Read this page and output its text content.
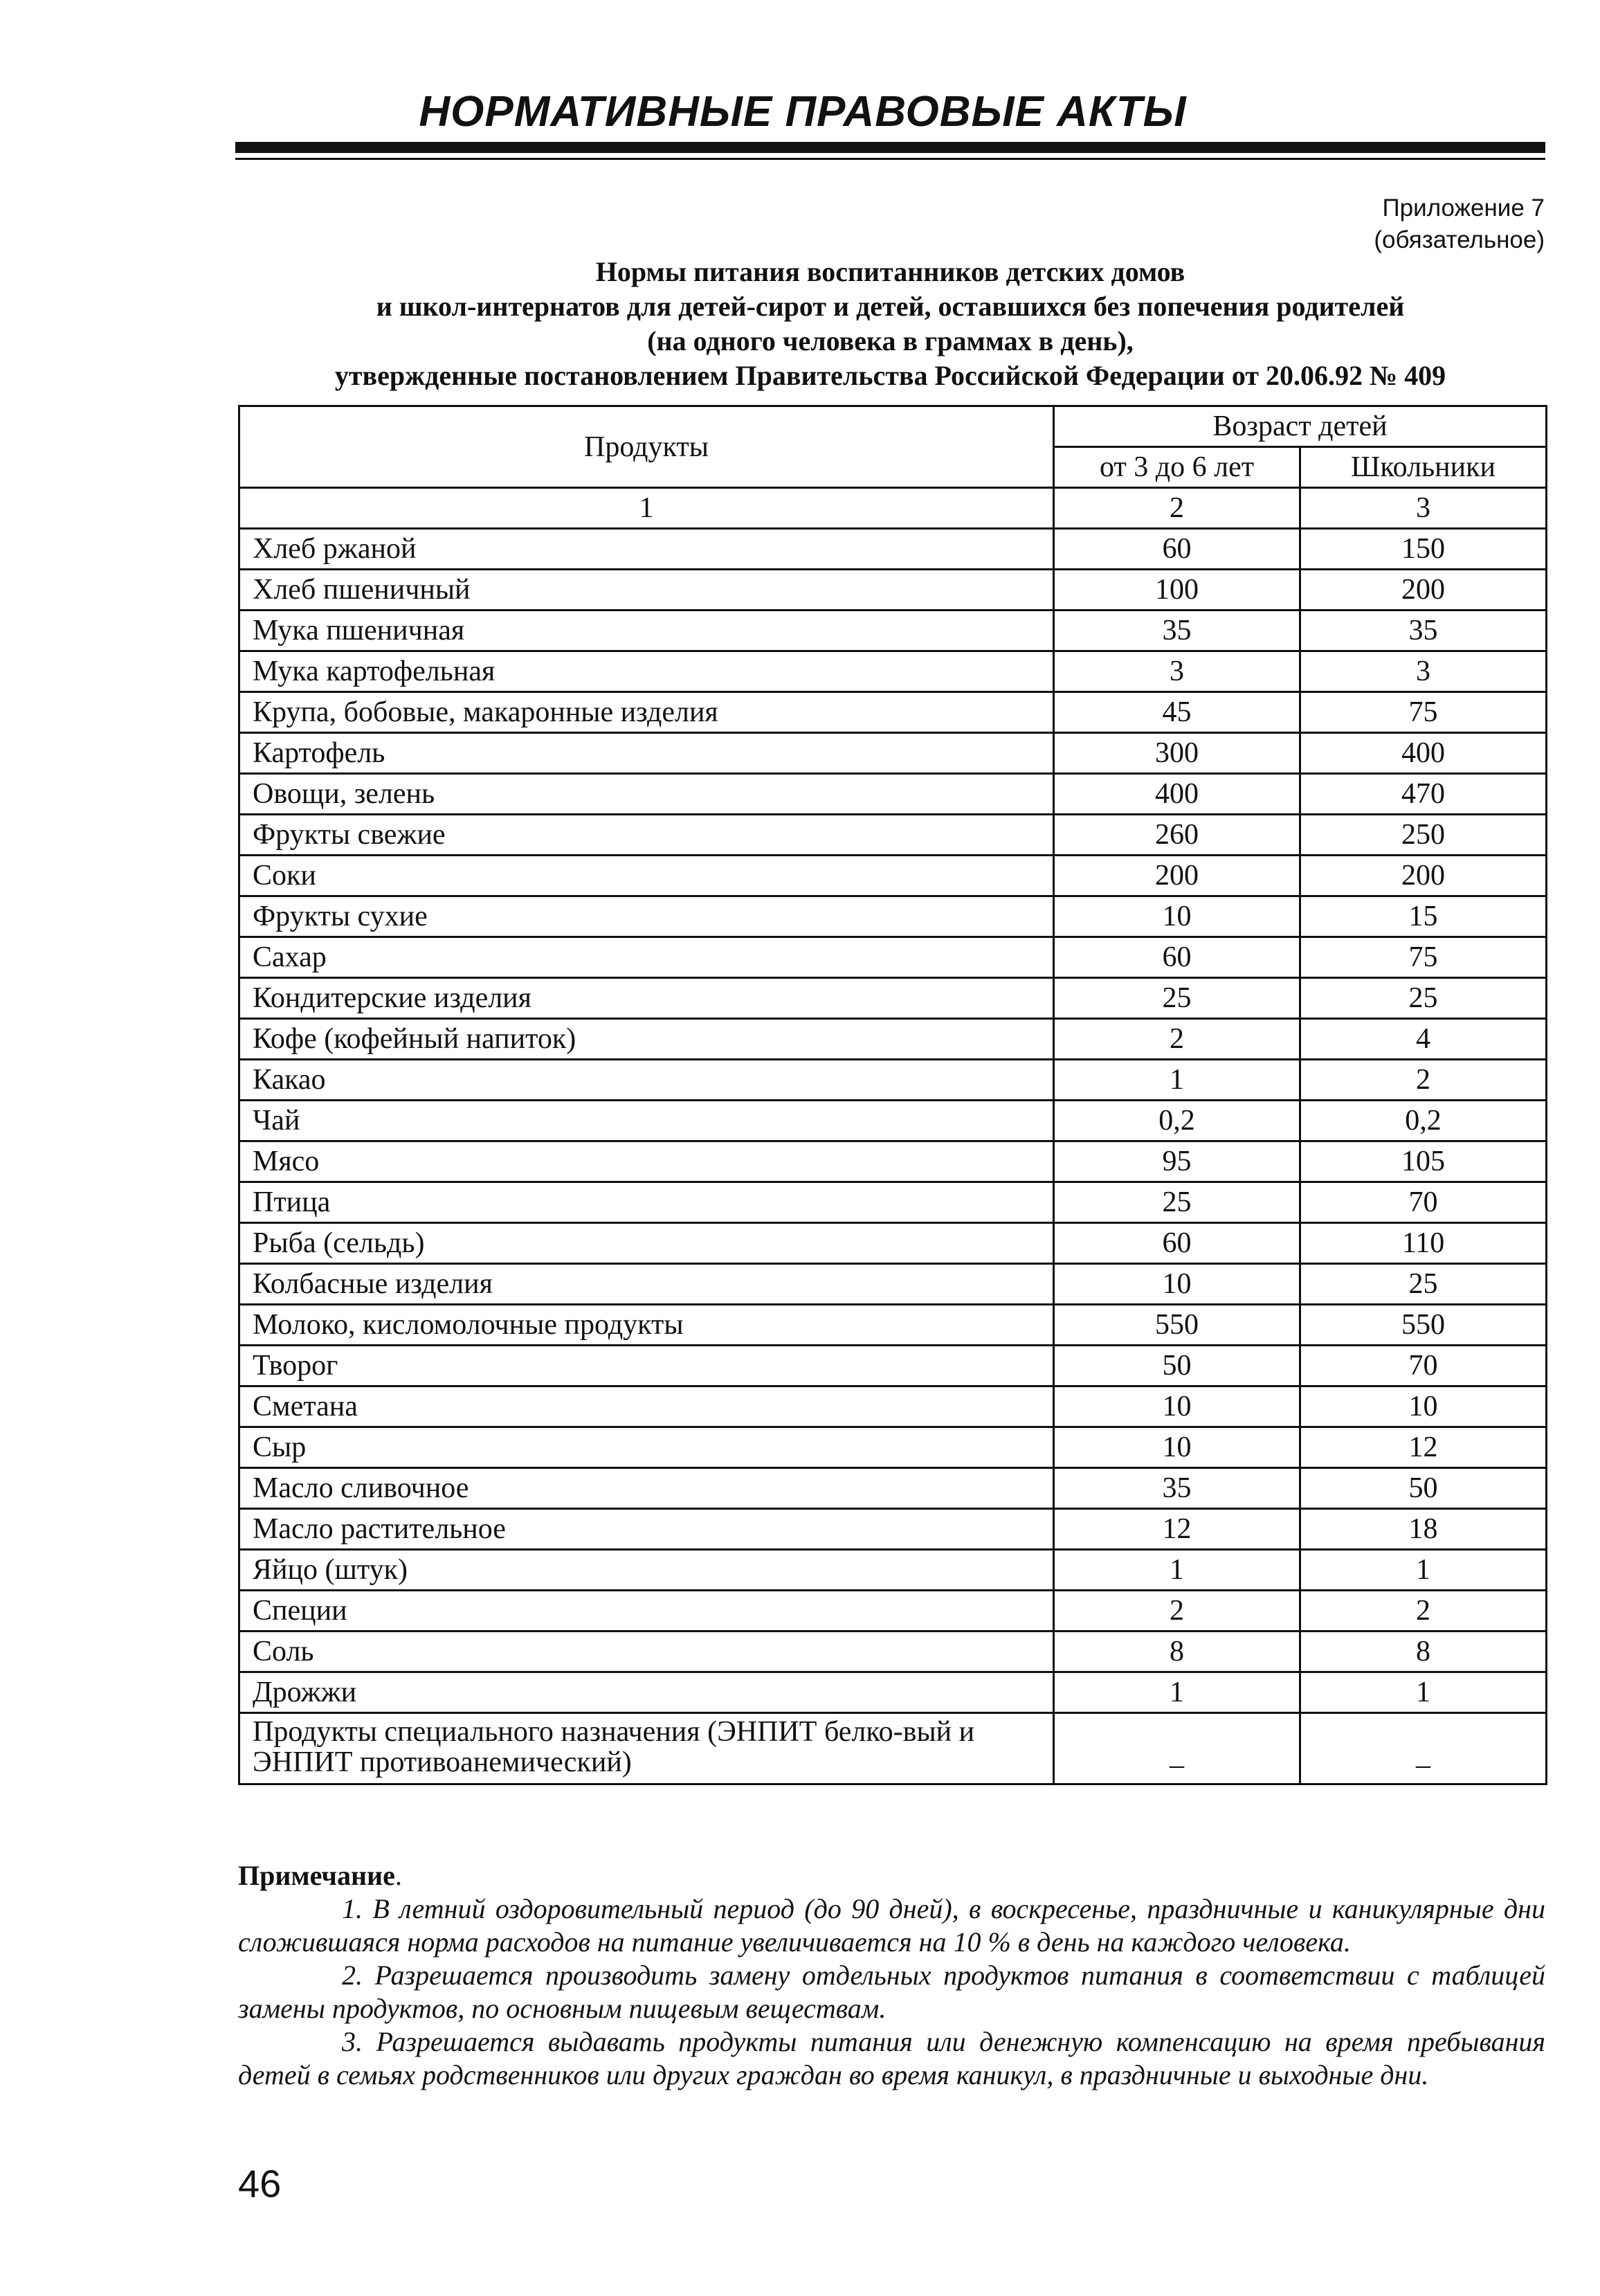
НОРМАТИВНЫЕ ПРАВОВЫЕ АКТЫ
Приложение 7
(обязательное)
Нормы питания воспитанников детских домов
и школ-интернатов для детей-сирот и детей, оставшихся без попечения родителей
(на одного человека в граммах в день),
утвержденные постановлением Правительства Российской Федерации от 20.06.92 № 409
Продукты	Возраст детей	
	от 3 до 6 лет	Школьники
1	2	3
Хлеб ржаной	60	150
Хлеб пшеничный	100	200
Мука пшеничная	35	35
Мука картофельная	3	3
Крупа, бобовые, макаронные изделия	45	75
Картофель	300	400
Овощи, зелень	400	470
Фрукты свежие	260	250
Соки	200	200
Фрукты сухие	10	15
Сахар	60	75
Кондитерские изделия	25	25
Кофе (кофейный напиток)	2	4
Какао	1	2
Чай	0,2	0,2
Мясо	95	105
Птица	25	70
Рыба (сельдь)	60	110
Колбасные изделия	10	25
Молоко, кисломолочные продукты	550	550
Творог	50	70
Сметана	10	10
Сыр	10	12
Масло сливочное	35	50
Масло растительное	12	18
Яйцо (штук)	1	1
Специи	2	2
Соль	8	8
Дрожжи	1	1
Продукты специального назначения (ЭНПИТ белко-вый и ЭНПИТ противоанемический)	–	–
Примечание.

1. В летний оздоровительный период (до 90 дней), в воскресенье, праздничные и каникулярные дни сложившаяся норма расходов на питание увеличивается на 10 % в день на каждого человека.

2. Разрешается производить замену отдельных продуктов питания в соответствии с таблицей замены продуктов, по основным пищевым веществам.

3. Разрешается выдавать продукты питания или денежную компенсацию на время пребывания детей в семьях родственников или других граждан во время каникул, в праздничные и выходные дни.

46
